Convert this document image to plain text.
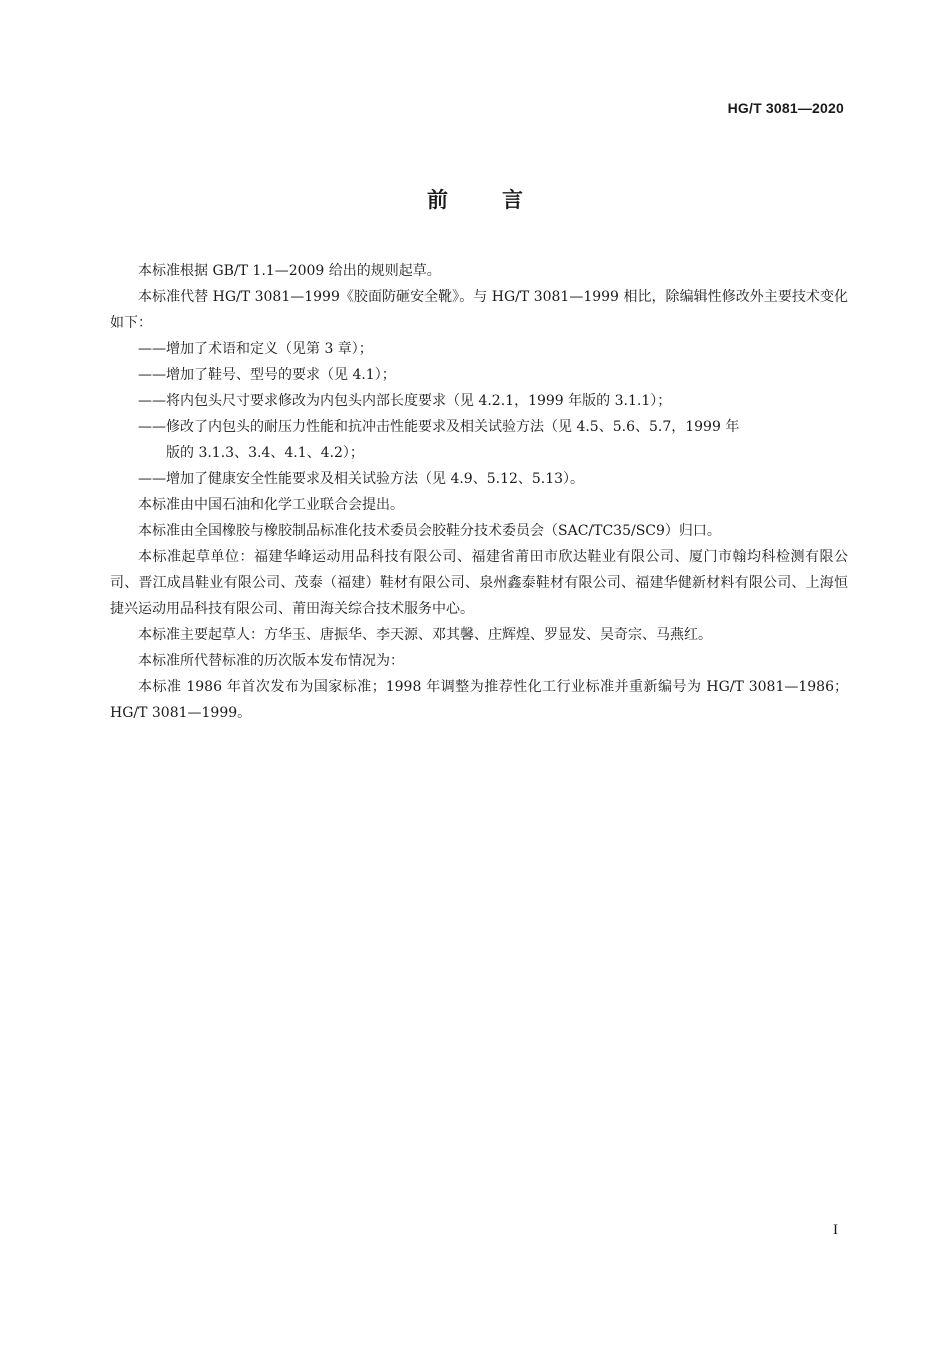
HG/T 3081—2020
前言

本标准根据 GB/T 1.1—2009 给出的规则起草。

本标准代替 HG/T 3081—1999《胶面防砸安全靴》。与 HG/T 3081—1999 相比，除编辑性修改外主要技术变化如下：

——增加了术语和定义（见第 3 章）；

——增加了鞋号、型号的要求（见 4.1）；

——将内包头尺寸要求修改为内包头内部长度要求（见 4.2.1，1999 年版的 3.1.1）；

——修改了内包头的耐压力性能和抗冲击性能要求及相关试验方法（见 4.5、5.6、5.7，1999 年
版的 3.1.3、3.4、4.1、4.2）；

——增加了健康安全性能要求及相关试验方法（见 4.9、5.12、5.13）。

本标准由中国石油和化学工业联合会提出。

本标准由全国橡胶与橡胶制品标准化技术委员会胶鞋分技术委员会（SAC/TC35/SC9）归口。

本标准起草单位：福建华峰运动用品科技有限公司、福建省莆田市欣达鞋业有限公司、厦门市翰均科检测有限公司、晋江成昌鞋业有限公司、茂泰（福建）鞋材有限公司、泉州鑫泰鞋材有限公司、福建华健新材料有限公司、上海恒捷兴运动用品科技有限公司、莆田海关综合技术服务中心。

本标准主要起草人：方华玉、唐振华、李天源、邓其馨、庄辉煌、罗显发、吴奇宗、马燕红。

本标准所代替标准的历次版本发布情况为：

本标准 1986 年首次发布为国家标准；1998 年调整为推荐性化工行业标准并重新编号为 HG/T 3081—1986；HG/T 3081—1999。

I
